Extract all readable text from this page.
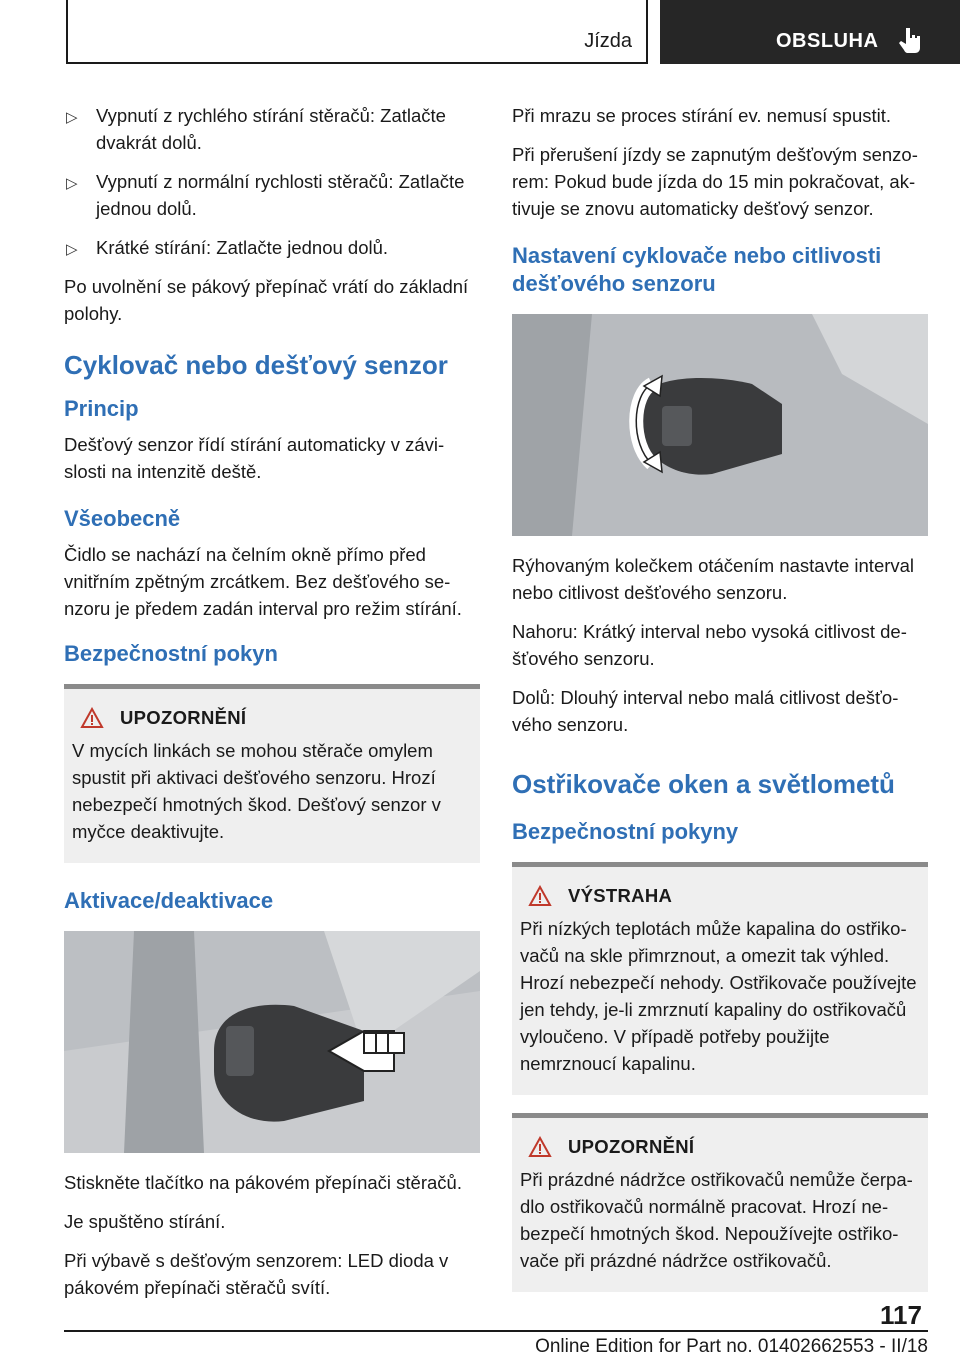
Jízda	OBSLUHA
▷ Vypnutí z rychlého stírání stěračů: Zatlačte dvakrát dolů.
▷ Vypnutí z normální rychlosti stěračů: Zatlačte jednou dolů.
▷ Krátké stírání: Zatlačte jednou dolů.

Po uvolnění se pákový přepínač vrátí do základní polohy.

Cyklovač nebo dešťový senzor
Princip

Dešťový senzor řídí stírání automaticky v závislosti na intenzitě deště.

Všeobecně

Čidlo se nachází na čelním okně přímo před vnitřním zpětným zrcátkem. Bez dešťového senzoru je předem zadán interval pro režim stírání.

Bezpečnostní pokyn
UPOZORNĚNÍ

V mycích linkách se mohou stěrače omylem spustit při aktivaci dešťového senzoru. Hrozí nebezpečí hmotných škod. Dešťový senzor v myčce deaktivujte.

Aktivace/deaktivace

Stiskněte tlačítko na pákovém přepínači stěračů.

Je spuštěno stírání.

Při výbavě s dešťovým senzorem: LED dioda v pákovém přepínači stěračů svítí.

Při mrazu se proces stírání ev. nemusí spustit.

Při přerušení jízdy se zapnutým dešťovým senzorem: Pokud bude jízda do 15 min pokračovat, aktivuje se znovu automaticky dešťový senzor.

Nastavení cyklovače nebo citlivosti dešťového senzoru

Rýhovaným kolečkem otáčením nastavte interval nebo citlivost dešťového senzoru.

Nahoru: Krátký interval nebo vysoká citlivost dešťového senzoru.

Dolů: Dlouhý interval nebo malá citlivost dešťového senzoru.

Ostřikovače oken a světlometů
Bezpečnostní pokyny
VÝSTRAHA

Při nízkých teplotách může kapalina do ostřikovačů na skle přimrznout, a omezit tak výhled. Hrozí nebezpečí nehody. Ostřikovače používejte jen tehdy, je-li zmrznutí kapaliny do ostřikovačů vyloučeno. V případě potřeby použijte nemrznoucí kapalinu.

UPOZORNĚNÍ

Při prázdné nádržce ostřikovačů nemůže čerpadlo ostřikovačů normálně pracovat. Hrozí nebezpečí hmotných škod. Nepoužívejte ostřikovače při prázdné nádržce ostřikovačů.

117
Online Edition for Part no. 01402662553 - II/18
